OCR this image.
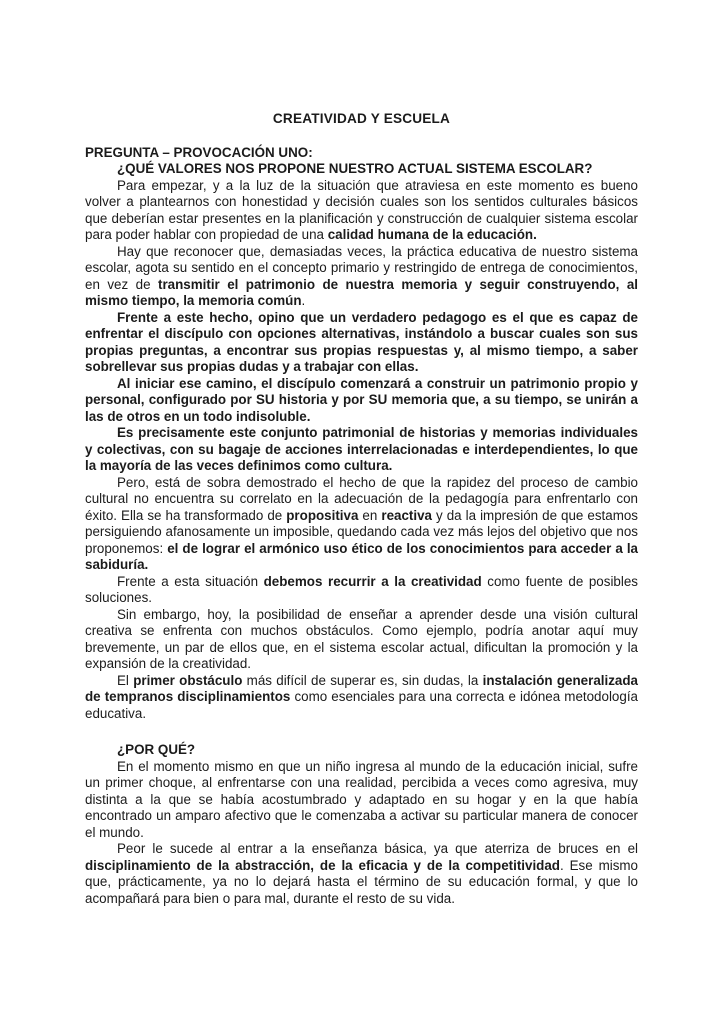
CREATIVIDAD Y ESCUELA
PREGUNTA – PROVOCACIÓN UNO:
¿QUÉ VALORES NOS PROPONE NUESTRO ACTUAL SISTEMA ESCOLAR?

Para empezar, y a la luz de la situación que atraviesa en este momento es bueno volver a plantearnos con honestidad y decisión cuales son los sentidos culturales básicos que deberían estar presentes en la planificación y construcción de cualquier sistema escolar para poder hablar con propiedad de una calidad humana de la educación.

Hay que reconocer que, demasiadas veces, la práctica educativa de nuestro sistema escolar, agota su sentido en el concepto primario y restringido de entrega de conocimientos, en vez de transmitir el patrimonio de nuestra memoria y seguir construyendo, al mismo tiempo, la memoria común.

Frente a este hecho, opino que un verdadero pedagogo es el que es capaz de enfrentar el discípulo con opciones alternativas, instándolo a buscar cuales son sus propias preguntas, a encontrar sus propias respuestas y, al mismo tiempo, a saber sobrellevar sus propias dudas y a trabajar con ellas.

Al iniciar ese camino, el discípulo comenzará a construir un patrimonio propio y personal, configurado por SU historia y por SU memoria que, a su tiempo, se unirán a las de otros en un todo indisoluble.

Es precisamente este conjunto patrimonial de historias y memorias individuales y colectivas, con su bagaje de acciones interrelacionadas e interdependientes, lo que la mayoría de las veces definimos como cultura.

Pero, está de sobra demostrado el hecho de que la rapidez del proceso de cambio cultural no encuentra su correlato en la adecuación de la pedagogía para enfrentarlo con éxito. Ella se ha transformado de propositiva en reactiva y da la impresión de que estamos persiguiendo afanosamente un imposible, quedando cada vez más lejos del objetivo que nos proponemos: el de lograr el armónico uso ético de los conocimientos para acceder a la sabiduría.

Frente a esta situación debemos recurrir a la creatividad como fuente de posibles soluciones.

Sin embargo, hoy, la posibilidad de enseñar a aprender desde una visión cultural creativa se enfrenta con muchos obstáculos. Como ejemplo, podría anotar aquí muy brevemente, un par de ellos que, en el sistema escolar actual, dificultan la promoción y la expansión de la creatividad.

El primer obstáculo más difícil de superar es, sin dudas, la instalación generalizada de tempranos disciplinamientos como esenciales para una correcta e idónea metodología educativa.

¿POR QUÉ?

En el momento mismo en que un niño ingresa al mundo de la educación inicial, sufre un primer choque, al enfrentarse con una realidad, percibida a veces como agresiva, muy distinta a la que se había acostumbrado y adaptado en su hogar y en la que había encontrado un amparo afectivo que le comenzaba a activar su particular manera de conocer el mundo.

Peor le sucede al entrar a la enseñanza básica, ya que aterriza de bruces en el disciplinamiento de la abstracción, de la eficacia y de la competitividad. Ese mismo que, prácticamente, ya no lo dejará hasta el término de su educación formal, y que lo acompañará para bien o para mal, durante el resto de su vida.
